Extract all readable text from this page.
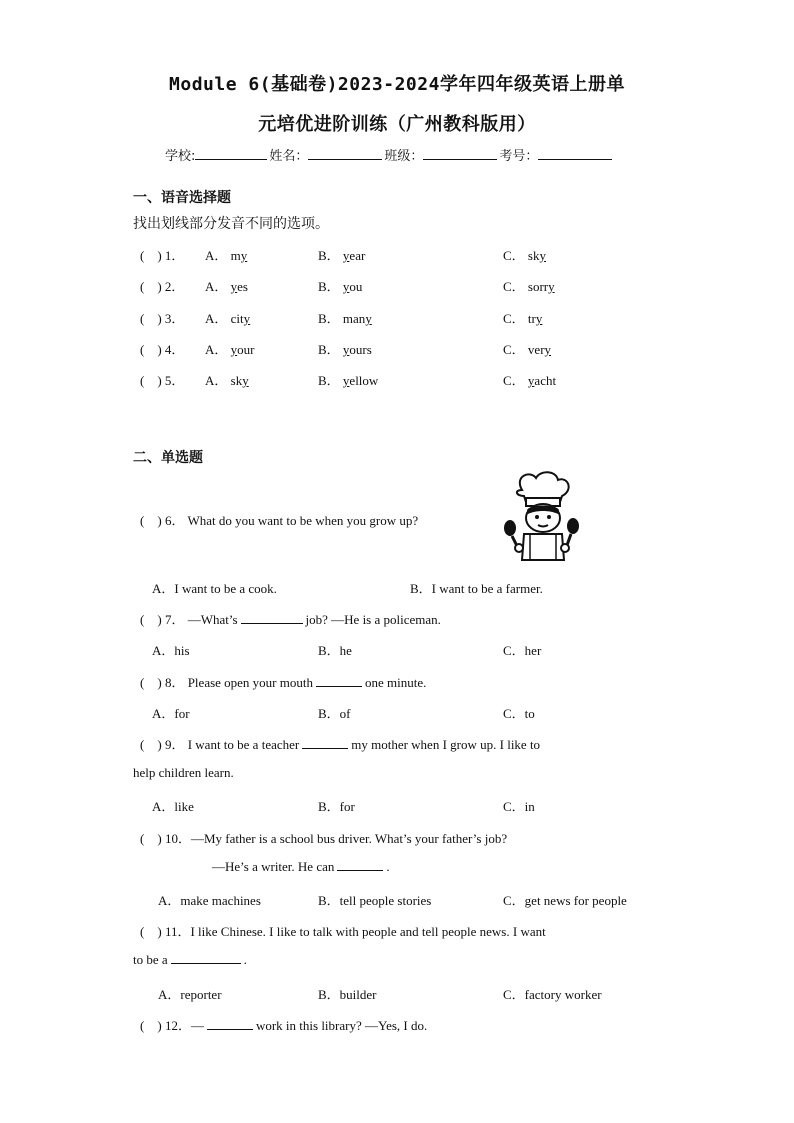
Module 6(基础卷)2023-2024学年四年级英语上册单
元培优进阶训练（广州教科版用）
学校:	姓名：	班级：	考号：
一、语音选择题
找出划线部分发音不同的选项。
(    ) 1． A． my	B． year	C． sky
(    ) 2． A． yes	B． you	C． sorry
(    ) 3． A． city	B． many	C． try
(    ) 4． A． your	B． yours	C． very
(    ) 5． A． sky	B． yellow	C． yacht
二、单选题
( ) 6． What do you want to be when you grow up?
A．I want to be a cook.	B．I want to be a farmer.
( ) 7． —What’s	job? —He is a policeman.
A．his	B．he	C．her
( ) 8． Please open your mouth	one minute.
A．for	B．of	C．to
( ) 9． I want to be a teacher	my mother when I grow up. I like to
help children learn.
A．like	B．for	C．in
( ) 10．—My father is a school bus driver. What’s your father’s job?
—He’s a writer. He can	.
A．make machines	B．tell people stories	C．get news for people
( ) 11．I like Chinese. I like to talk with people and tell people news. I want
to be a	.
A．reporter	B．builder	C．factory worker
( ) 12．—	work in this library? —Yes, I do.
